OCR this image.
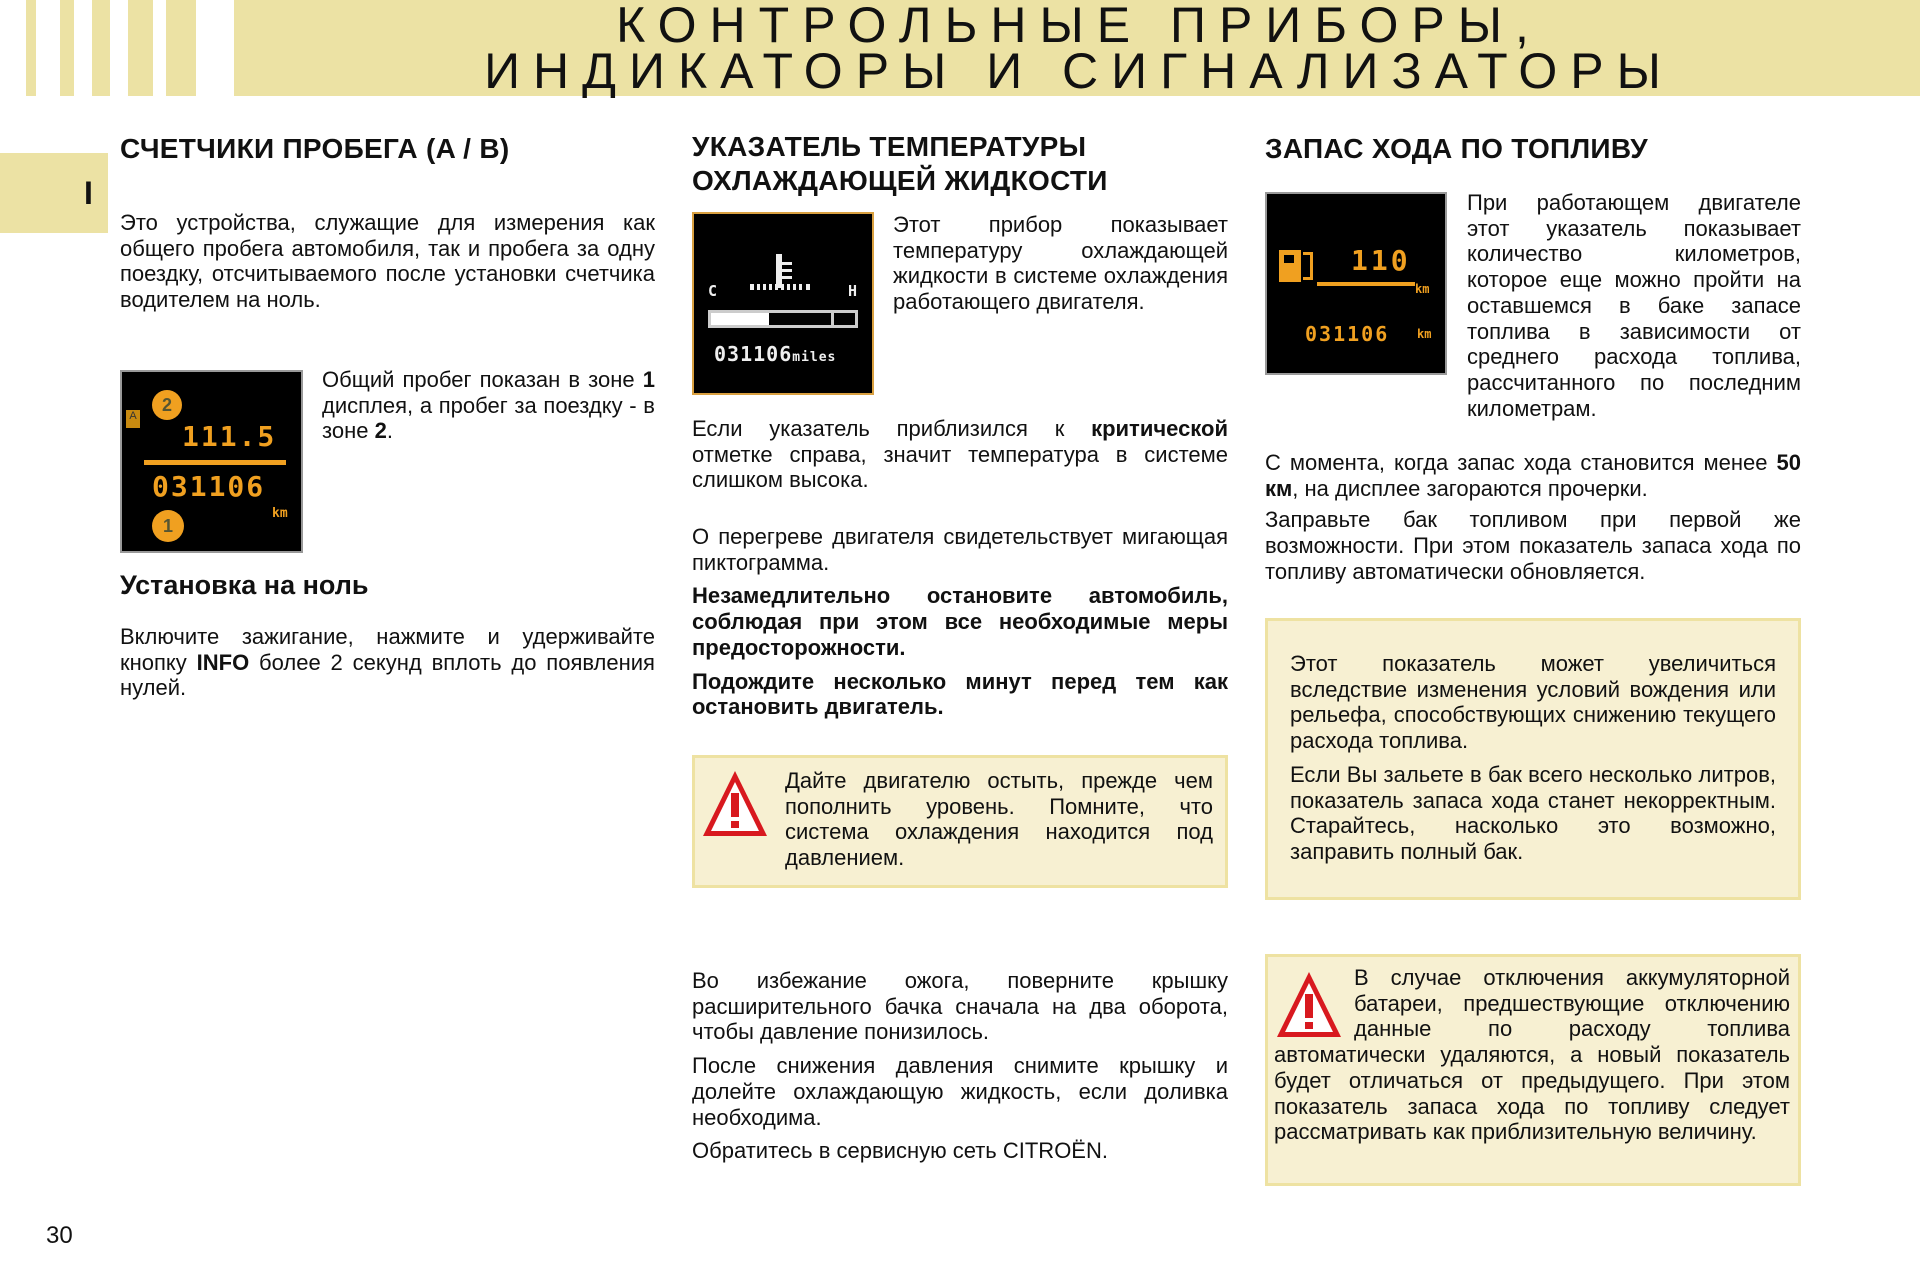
КОНТРОЛЬНЫЕ ПРИБОРЫ,
ИНДИКАТОРЫ И СИГНАЛИЗАТОРЫ
I
СЧЕТЧИКИ ПРОБЕГА (A / B)
Это устройства, служащие для измерения как общего пробега автомобиля, так и пробега за одну поездку, отсчитываемого после установки счетчика водителем на ноль.
2
A
111.5
031106
1
km
Общий пробег показан в зоне 1 дисплея, а пробег за поездку - в зоне 2.
Установка на ноль
Включите зажигание, нажмите и удерживайте кнопку INFO более 2 секунд вплоть до появления нулей.
УКАЗАТЕЛЬ ТЕМПЕРАТУРЫ
ОХЛАЖДАЮЩЕЙ ЖИДКОСТИ
C	H
031106miles
Этот прибор показывает температуру охлаждающей жидкости в системе охлаждения работающего двигателя.
Если указатель приблизился к критической отметке справа, значит температура в системе слишком высока.

О перегреве двигателя свидетельствует мигающая пиктограмма.

Незамедлительно остановите автомобиль, соблюдая при этом все необходимые меры предосторожности.

Подождите несколько минут перед тем как остановить двигатель.

Дайте двигателю остыть, прежде чем пополнить уровень. Помните, что система охлаждения находится под давлением.

Во избежание ожога, поверните крышку расширительного бачка сначала на два оборота, чтобы давление понизилось.

После снижения давления снимите крышку и долейте охлаждающую жидкость, если доливка необходима.

Обратитесь в сервисную сеть CITROËN.

ЗАПАС ХОДА ПО ТОПЛИВУ
110
km
031106 km
При работающем двигателе этот указатель показывает количество километров, которое еще можно пройти на оставшемся в баке запасе топлива в зависимости от среднего расхода топлива, рассчитанного по последним километрам.

С момента, когда запас хода становится менее 50 км, на дисплее загораются прочерки.

Заправьте бак топливом при первой же возможности. При этом показатель запаса хода по топливу автоматически обновляется.

Этот показатель может увеличиться вследствие изменения условий вождения или рельефа, способствующих снижению текущего расхода топлива.

Если Вы зальете в бак всего несколько литров, показатель запаса хода станет некорректным. Старайтесь, насколько это возможно, заправить полный бак.

В случае отключения аккумуляторной батареи, предшествующие отключению данные по расходу топлива автоматически удаляются, а новый показатель будет отличаться от предыдущего. При этом показатель запаса хода по топливу следует рассматривать как приблизительную величину.
30
